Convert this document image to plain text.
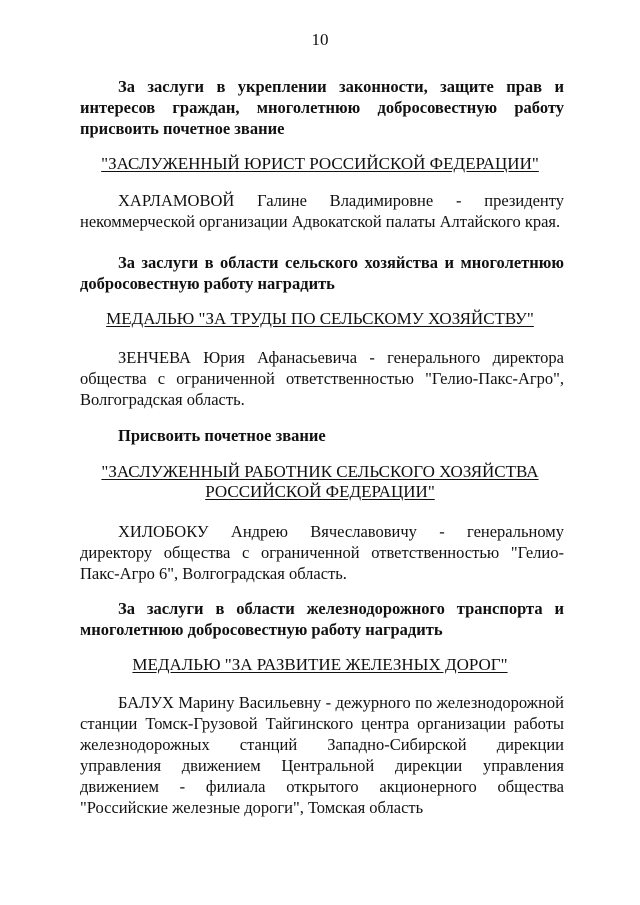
10
За заслуги в укреплении законности, защите прав и интересов граждан, многолетнюю добросовестную работу присвоить почетное звание
"ЗАСЛУЖЕННЫЙ ЮРИСТ РОССИЙСКОЙ ФЕДЕРАЦИИ"
ХАРЛАМОВОЙ Галине Владимировне - президенту некоммерческой организации Адвокатской палаты Алтайского края.
За заслуги в области сельского хозяйства и многолетнюю добросовестную работу наградить
МЕДАЛЬЮ "ЗА ТРУДЫ ПО СЕЛЬСКОМУ ХОЗЯЙСТВУ"
ЗЕНЧЕВА Юрия Афанасьевича - генерального директора общества с ограниченной ответственностью "Гелио-Пакс-Агро", Волгоградская область.
Присвоить почетное звание
"ЗАСЛУЖЕННЫЙ РАБОТНИК СЕЛЬСКОГО ХОЗЯЙСТВА
РОССИЙСКОЙ ФЕДЕРАЦИИ"
ХИЛОБОКУ Андрею Вячеславовичу - генеральному директору общества с ограниченной ответственностью "Гелио-Пакс-Агро 6", Волгоградская область.
За заслуги в области железнодорожного транспорта и многолетнюю добросовестную работу наградить
МЕДАЛЬЮ "ЗА РАЗВИТИЕ ЖЕЛЕЗНЫХ ДОРОГ"
БАЛУХ Марину Васильевну - дежурного по железнодорожной станции Томск-Грузовой Тайгинского центра организации работы железнодорожных станций Западно-Сибирской дирекции управления движением Центральной дирекции управления движением - филиала открытого акционерного общества "Российские железные дороги", Томская область
